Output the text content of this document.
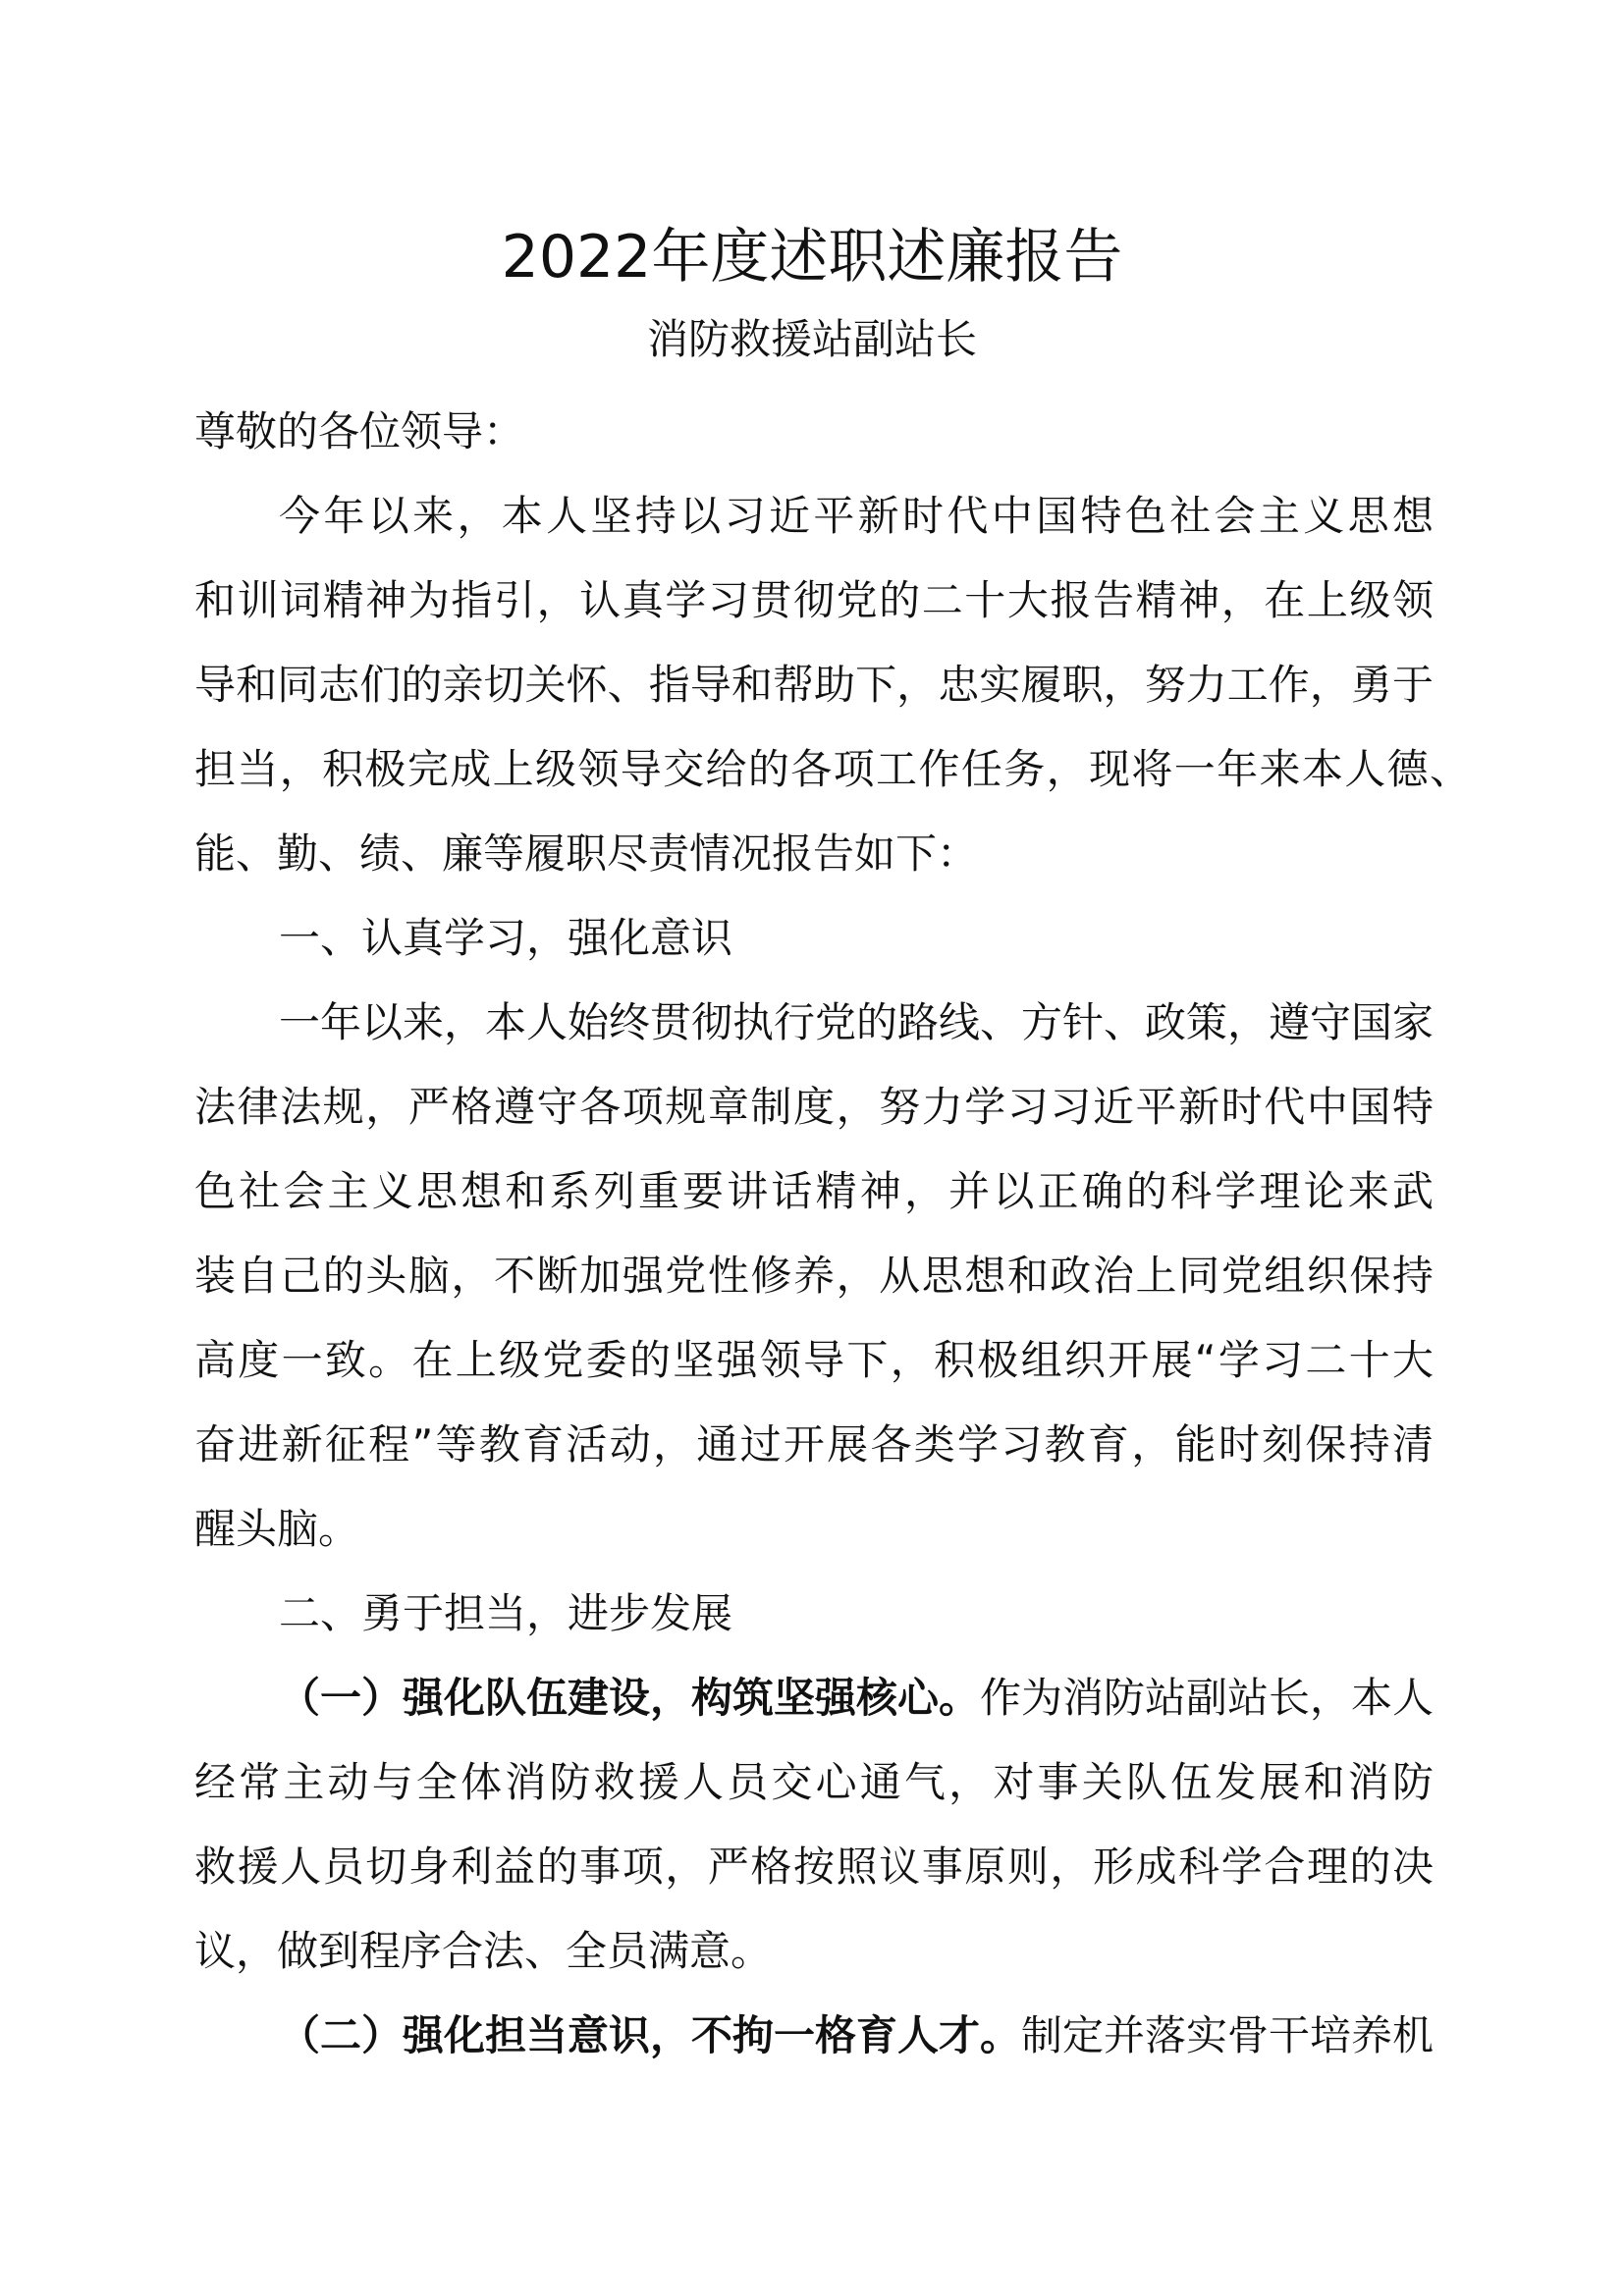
2022年度述职述廉报告
消防救援站副站长
尊敬的各位领导：
今年以来，本人坚持以习近平新时代中国特色社会主义思想
和训词精神为指引，认真学习贯彻党的二十大报告精神，在上级领
导和同志们的亲切关怀、指导和帮助下，忠实履职，努力工作，勇于
担当，积极完成上级领导交给的各项工作任务，现将一年来本人德、
能、勤、绩、廉等履职尽责情况报告如下：
一、认真学习，强化意识
一年以来，本人始终贯彻执行党的路线、方针、政策，遵守国家
法律法规，严格遵守各项规章制度，努力学习习近平新时代中国特
色社会主义思想和系列重要讲话精神，并以正确的科学理论来武
装自己的头脑，不断加强党性修养，从思想和政治上同党组织保持
高度一致。在上级党委的坚强领导下，积极组织开展“学习二十大
奋进新征程”等教育活动，通过开展各类学习教育，能时刻保持清
醒头脑。
二、勇于担当，进步发展
（一）强化队伍建设，构筑坚强核心。作为消防站副站长，本人
经常主动与全体消防救援人员交心通气，对事关队伍发展和消防
救援人员切身利益的事项，严格按照议事原则，形成科学合理的决
议，做到程序合法、全员满意。
（二）强化担当意识，不拘一格育人才。制定并落实骨干培养机
